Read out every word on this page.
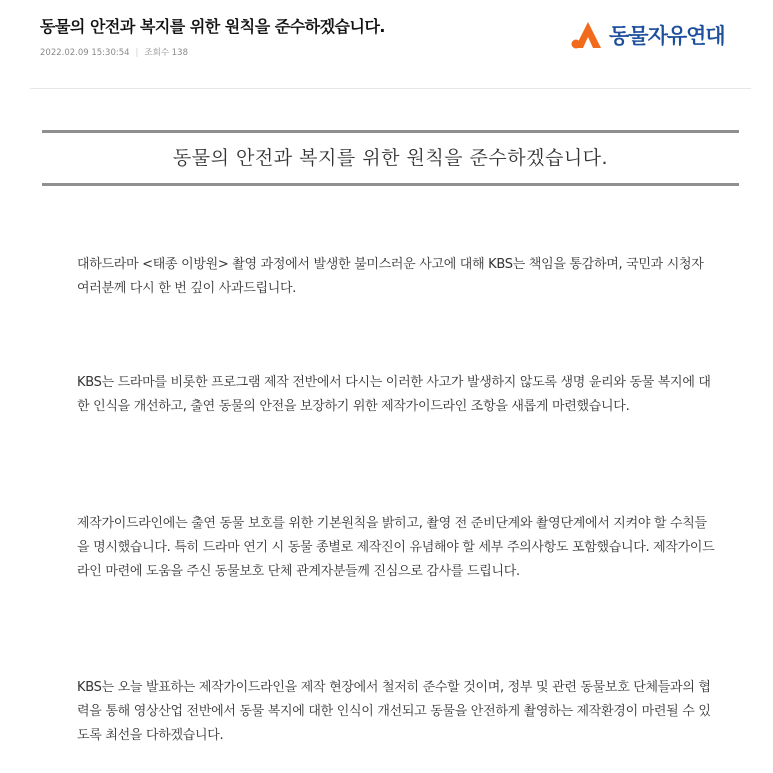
동물의 안전과 복지를 위한 원칙을 준수하겠습니다.
2022.02.09 15:30:54 | 조회수 138
동물자유연대
동물의 안전과 복지를 위한 원칙을 준수하겠습니다.

대하드라마 <태종 이방원> 촬영 과정에서 발생한 불미스러운 사고에 대해 KBS는 책임을 통감하며, 국민과 시청자 여러분께 다시 한 번 깊이 사과드립니다.

KBS는 드라마를 비롯한 프로그램 제작 전반에서 다시는 이러한 사고가 발생하지 않도록 생명 윤리와 동물 복지에 대한 인식을 개선하고, 출연 동물의 안전을 보장하기 위한 제작가이드라인 조항을 새롭게 마련했습니다.

제작가이드라인에는 출연 동물 보호를 위한 기본원칙을 밝히고, 촬영 전 준비단계와 촬영단계에서 지켜야 할 수칙들을 명시했습니다. 특히 드라마 연기 시 동물 종별로 제작진이 유념해야 할 세부 주의사항도 포함했습니다. 제작가이드라인 마련에 도움을 주신 동물보호 단체 관계자분들께 진심으로 감사를 드립니다.

KBS는 오늘 발표하는 제작가이드라인을 제작 현장에서 철저히 준수할 것이며, 정부 및 관련 동물보호 단체들과의 협력을 통해 영상산업 전반에서 동물 복지에 대한 인식이 개선되고 동물을 안전하게 촬영하는 제작환경이 마련될 수 있도록 최선을 다하겠습니다.
